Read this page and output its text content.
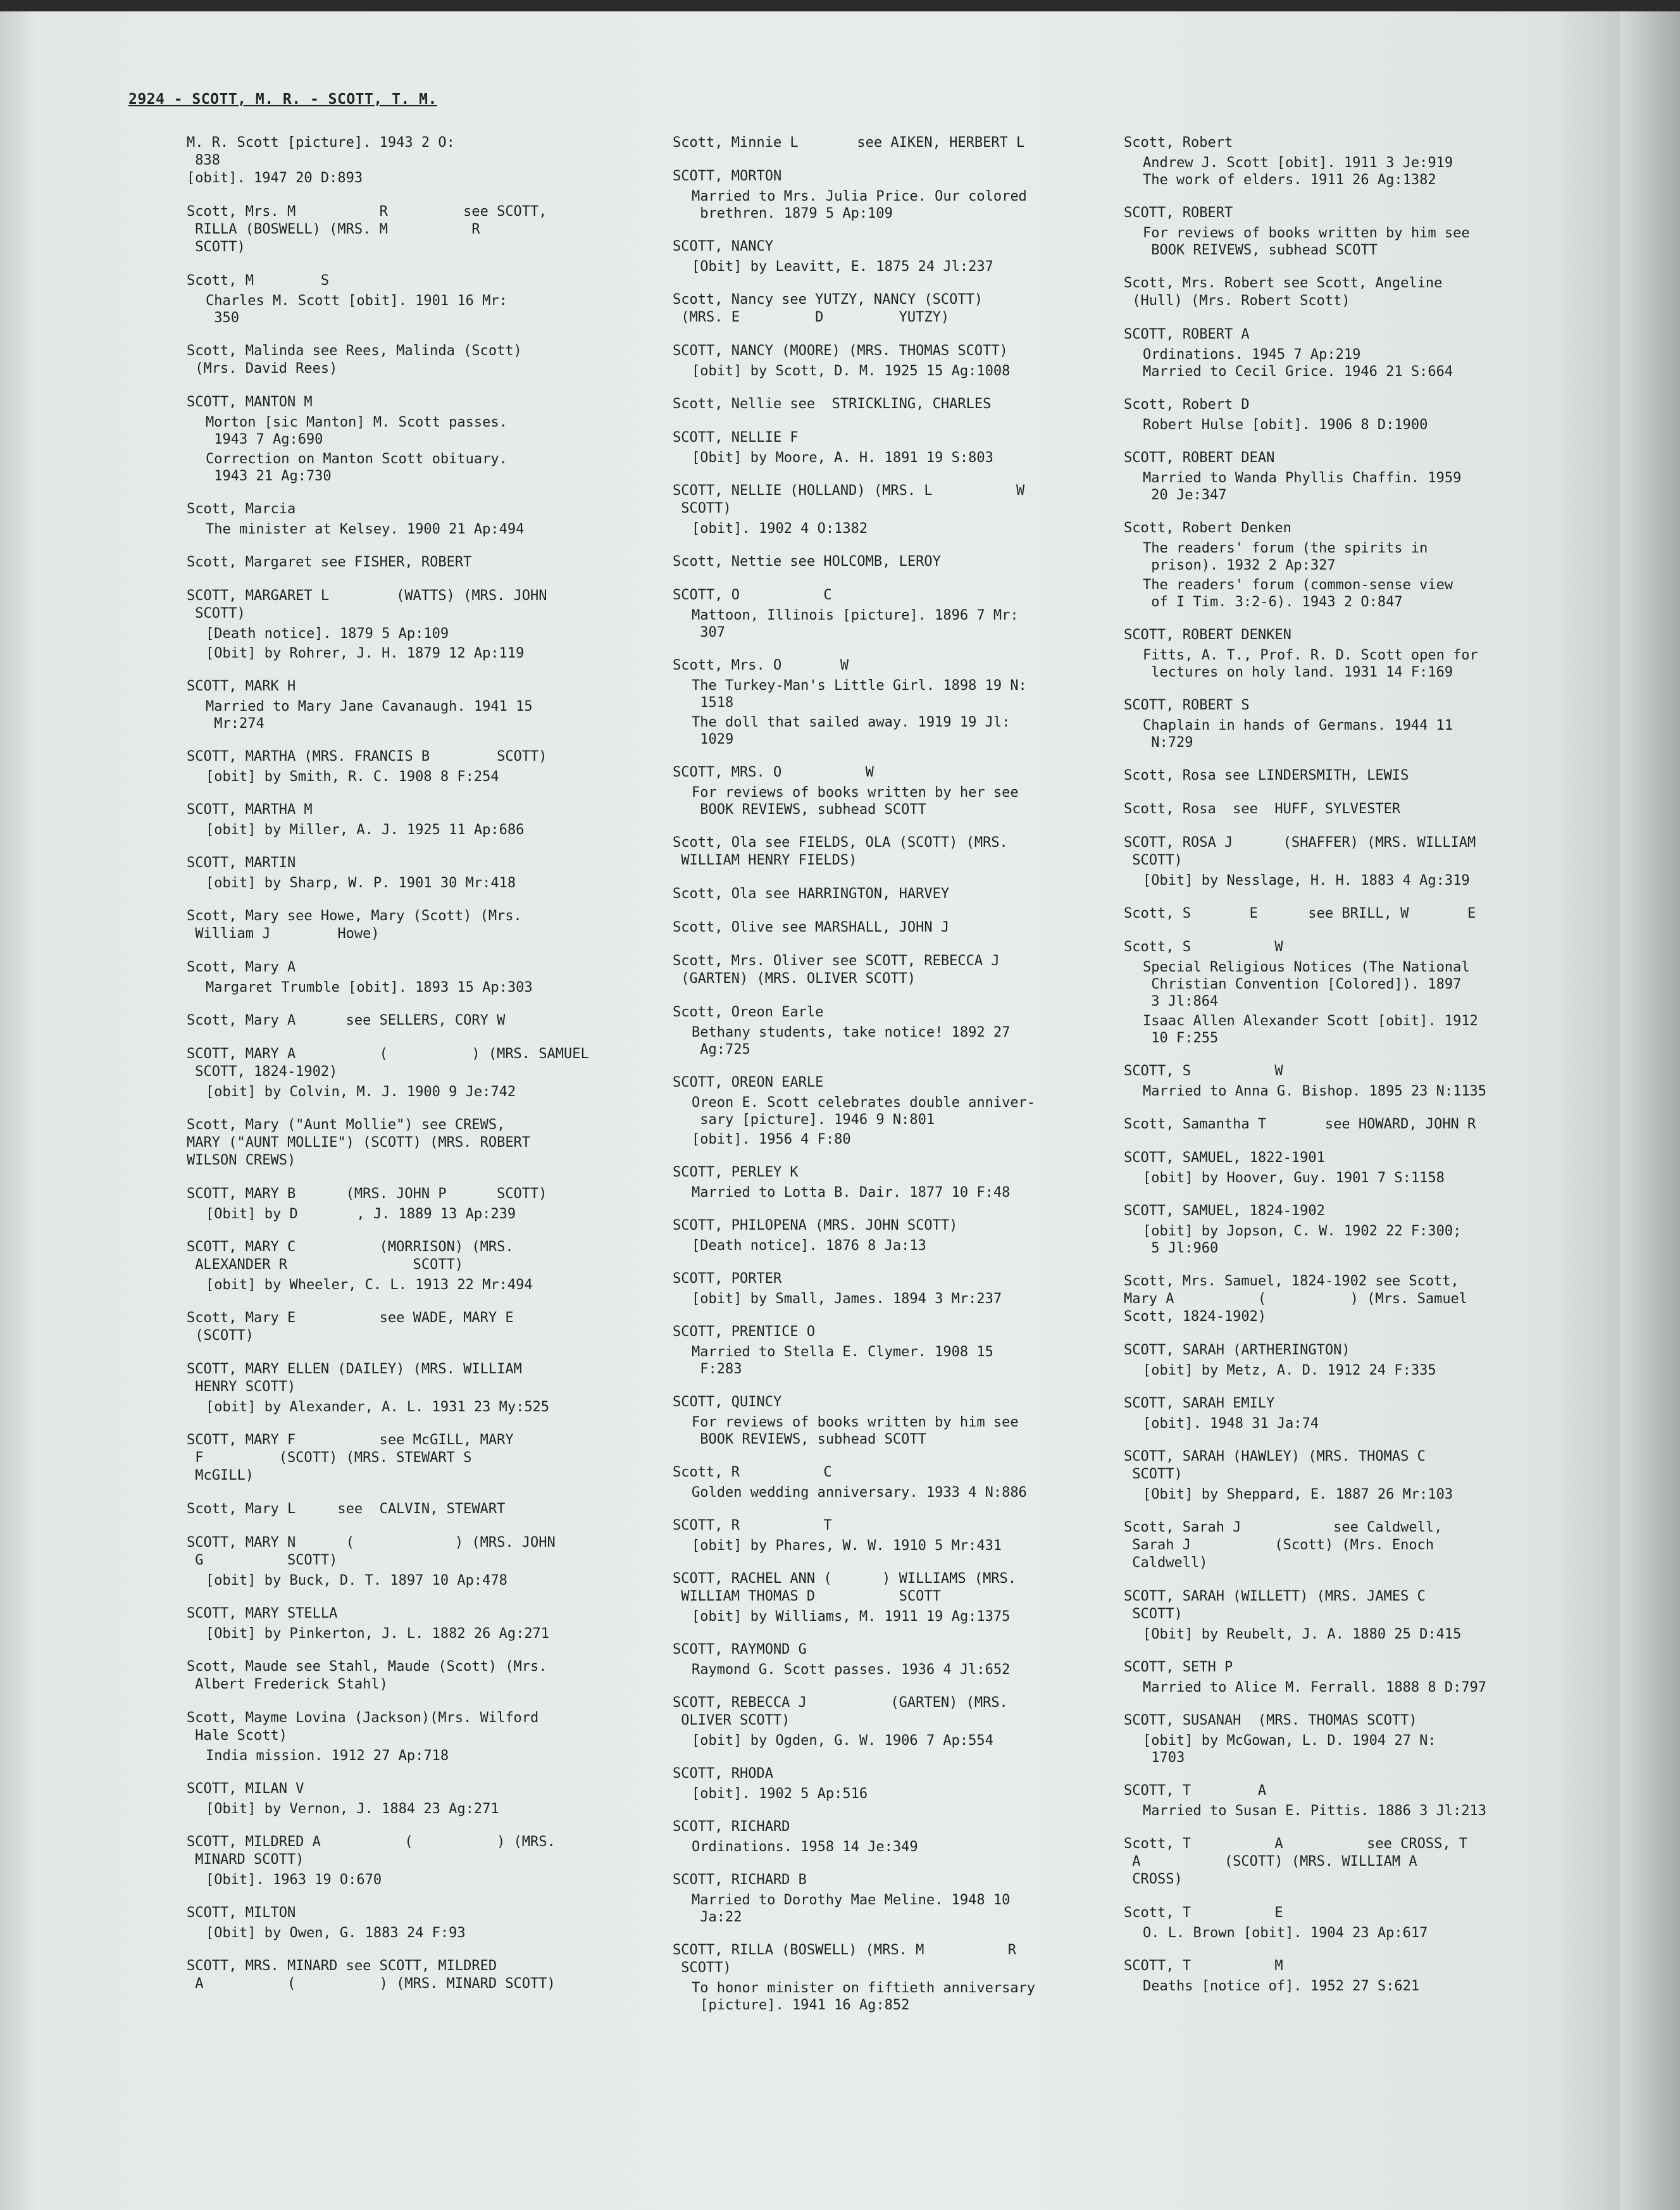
2924 - SCOTT, M. R. - SCOTT, T. M.
M. R. Scott [picture]. 1943 2 O:
838
[obit]. 1947 20 D:893
Scott, Mrs. M          R         see SCOTT,
RILLA (BOSWELL) (MRS. M          R
SCOTT)
Scott, M        S
Charles M. Scott [obit]. 1901 16 Mr:
350
Scott, Malinda see Rees, Malinda (Scott)
(Mrs. David Rees)
SCOTT, MANTON M
Morton [sic Manton] M. Scott passes.
1943 7 Ag:690
Correction on Manton Scott obituary.
1943 21 Ag:730
Scott, Marcia
The minister at Kelsey. 1900 21 Ap:494
Scott, Margaret see FISHER, ROBERT
SCOTT, MARGARET L        (WATTS) (MRS. JOHN
SCOTT)
[Death notice]. 1879 5 Ap:109
[Obit] by Rohrer, J. H. 1879 12 Ap:119
SCOTT, MARK H
Married to Mary Jane Cavanaugh. 1941 15
Mr:274
SCOTT, MARTHA (MRS. FRANCIS B        SCOTT)
[obit] by Smith, R. C. 1908 8 F:254
SCOTT, MARTHA M
[obit] by Miller, A. J. 1925 11 Ap:686
SCOTT, MARTIN
[obit] by Sharp, W. P. 1901 30 Mr:418
Scott, Mary see Howe, Mary (Scott) (Mrs.
William J        Howe)
Scott, Mary A
Margaret Trumble [obit]. 1893 15 Ap:303
Scott, Mary A      see SELLERS, CORY W
SCOTT, MARY A          (          ) (MRS. SAMUEL
SCOTT, 1824-1902)
[obit] by Colvin, M. J. 1900 9 Je:742
Scott, Mary ("Aunt Mollie") see CREWS,
MARY ("AUNT MOLLIE") (SCOTT) (MRS. ROBERT
WILSON CREWS)
SCOTT, MARY B      (MRS. JOHN P      SCOTT)
[Obit] by D       , J. 1889 13 Ap:239
SCOTT, MARY C          (MORRISON) (MRS.
ALEXANDER R               SCOTT)
[obit] by Wheeler, C. L. 1913 22 Mr:494
Scott, Mary E          see WADE, MARY E
(SCOTT)
SCOTT, MARY ELLEN (DAILEY) (MRS. WILLIAM
HENRY SCOTT)
[obit] by Alexander, A. L. 1931 23 My:525
SCOTT, MARY F          see McGILL, MARY
F         (SCOTT) (MRS. STEWART S
McGILL)
Scott, Mary L     see  CALVIN, STEWART
SCOTT, MARY N      (            ) (MRS. JOHN
G          SCOTT)
[obit] by Buck, D. T. 1897 10 Ap:478
SCOTT, MARY STELLA
[Obit] by Pinkerton, J. L. 1882 26 Ag:271
Scott, Maude see Stahl, Maude (Scott) (Mrs.
Albert Frederick Stahl)
Scott, Mayme Lovina (Jackson)(Mrs. Wilford
Hale Scott)
India mission. 1912 27 Ap:718
SCOTT, MILAN V
[Obit] by Vernon, J. 1884 23 Ag:271
SCOTT, MILDRED A          (          ) (MRS.
MINARD SCOTT)
[Obit]. 1963 19 O:670
SCOTT, MILTON
[Obit] by Owen, G. 1883 24 F:93
SCOTT, MRS. MINARD see SCOTT, MILDRED
A          (          ) (MRS. MINARD SCOTT)
Scott, Minnie L       see AIKEN, HERBERT L
SCOTT, MORTON
Married to Mrs. Julia Price. Our colored
brethren. 1879 5 Ap:109
SCOTT, NANCY
[Obit] by Leavitt, E. 1875 24 Jl:237
Scott, Nancy see YUTZY, NANCY (SCOTT)
(MRS. E         D         YUTZY)
SCOTT, NANCY (MOORE) (MRS. THOMAS SCOTT)
[obit] by Scott, D. M. 1925 15 Ag:1008
Scott, Nellie see  STRICKLING, CHARLES
SCOTT, NELLIE F
[Obit] by Moore, A. H. 1891 19 S:803
SCOTT, NELLIE (HOLLAND) (MRS. L          W
SCOTT)
[obit]. 1902 4 O:1382
Scott, Nettie see HOLCOMB, LEROY
SCOTT, O          C
Mattoon, Illinois [picture]. 1896 7 Mr:
307
Scott, Mrs. O       W
The Turkey-Man's Little Girl. 1898 19 N:
1518
The doll that sailed away. 1919 19 Jl:
1029
SCOTT, MRS. O          W
For reviews of books written by her see
BOOK REVIEWS, subhead SCOTT
Scott, Ola see FIELDS, OLA (SCOTT) (MRS.
WILLIAM HENRY FIELDS)
Scott, Ola see HARRINGTON, HARVEY
Scott, Olive see MARSHALL, JOHN J
Scott, Mrs. Oliver see SCOTT, REBECCA J
(GARTEN) (MRS. OLIVER SCOTT)
Scott, Oreon Earle
Bethany students, take notice! 1892 27
Ag:725
SCOTT, OREON EARLE
Oreon E. Scott celebrates double anniver-
sary [picture]. 1946 9 N:801
[obit]. 1956 4 F:80
SCOTT, PERLEY K
Married to Lotta B. Dair. 1877 10 F:48
SCOTT, PHILOPENA (MRS. JOHN SCOTT)
[Death notice]. 1876 8 Ja:13
SCOTT, PORTER
[obit] by Small, James. 1894 3 Mr:237
SCOTT, PRENTICE O
Married to Stella E. Clymer. 1908 15
F:283
SCOTT, QUINCY
For reviews of books written by him see
BOOK REVIEWS, subhead SCOTT
Scott, R          C
Golden wedding anniversary. 1933 4 N:886
SCOTT, R          T
[obit] by Phares, W. W. 1910 5 Mr:431
SCOTT, RACHEL ANN (      ) WILLIAMS (MRS.
WILLIAM THOMAS D          SCOTT
[obit] by Williams, M. 1911 19 Ag:1375
SCOTT, RAYMOND G
Raymond G. Scott passes. 1936 4 Jl:652
SCOTT, REBECCA J          (GARTEN) (MRS.
OLIVER SCOTT)
[obit] by Ogden, G. W. 1906 7 Ap:554
SCOTT, RHODA
[obit]. 1902 5 Ap:516
SCOTT, RICHARD
Ordinations. 1958 14 Je:349
SCOTT, RICHARD B
Married to Dorothy Mae Meline. 1948 10
Ja:22
SCOTT, RILLA (BOSWELL) (MRS. M          R
SCOTT)
To honor minister on fiftieth anniversary
[picture]. 1941 16 Ag:852
Scott, Robert
Andrew J. Scott [obit]. 1911 3 Je:919
The work of elders. 1911 26 Ag:1382
SCOTT, ROBERT
For reviews of books written by him see
BOOK REIVEWS, subhead SCOTT
Scott, Mrs. Robert see Scott, Angeline
(Hull) (Mrs. Robert Scott)
SCOTT, ROBERT A
Ordinations. 1945 7 Ap:219
Married to Cecil Grice. 1946 21 S:664
Scott, Robert D
Robert Hulse [obit]. 1906 8 D:1900
SCOTT, ROBERT DEAN
Married to Wanda Phyllis Chaffin. 1959
20 Je:347
Scott, Robert Denken
The readers' forum (the spirits in
prison). 1932 2 Ap:327
The readers' forum (common-sense view
of I Tim. 3:2-6). 1943 2 O:847
SCOTT, ROBERT DENKEN
Fitts, A. T., Prof. R. D. Scott open for
lectures on holy land. 1931 14 F:169
SCOTT, ROBERT S
Chaplain in hands of Germans. 1944 11
N:729
Scott, Rosa see LINDERSMITH, LEWIS
Scott, Rosa  see  HUFF, SYLVESTER
SCOTT, ROSA J      (SHAFFER) (MRS. WILLIAM
SCOTT)
[Obit] by Nesslage, H. H. 1883 4 Ag:319
Scott, S       E      see BRILL, W       E
Scott, S          W
Special Religious Notices (The National
Christian Convention [Colored]). 1897
3 Jl:864
Isaac Allen Alexander Scott [obit]. 1912
10 F:255
SCOTT, S          W
Married to Anna G. Bishop. 1895 23 N:1135
Scott, Samantha T       see HOWARD, JOHN R
SCOTT, SAMUEL, 1822-1901
[obit] by Hoover, Guy. 1901 7 S:1158
SCOTT, SAMUEL, 1824-1902
[obit] by Jopson, C. W. 1902 22 F:300;
5 Jl:960
Scott, Mrs. Samuel, 1824-1902 see Scott,
Mary A          (          ) (Mrs. Samuel
Scott, 1824-1902)
SCOTT, SARAH (ARTHERINGTON)
[obit] by Metz, A. D. 1912 24 F:335
SCOTT, SARAH EMILY
[obit]. 1948 31 Ja:74
SCOTT, SARAH (HAWLEY) (MRS. THOMAS C
SCOTT)
[Obit] by Sheppard, E. 1887 26 Mr:103
Scott, Sarah J           see Caldwell,
Sarah J          (Scott) (Mrs. Enoch
Caldwell)
SCOTT, SARAH (WILLETT) (MRS. JAMES C
SCOTT)
[Obit] by Reubelt, J. A. 1880 25 D:415
SCOTT, SETH P
Married to Alice M. Ferrall. 1888 8 D:797
SCOTT, SUSANAH  (MRS. THOMAS SCOTT)
[obit] by McGowan, L. D. 1904 27 N:
1703
SCOTT, T        A
Married to Susan E. Pittis. 1886 3 Jl:213
Scott, T          A          see CROSS, T
A          (SCOTT) (MRS. WILLIAM A
CROSS)
Scott, T          E
O. L. Brown [obit]. 1904 23 Ap:617
SCOTT, T          M
Deaths [notice of]. 1952 27 S:621
